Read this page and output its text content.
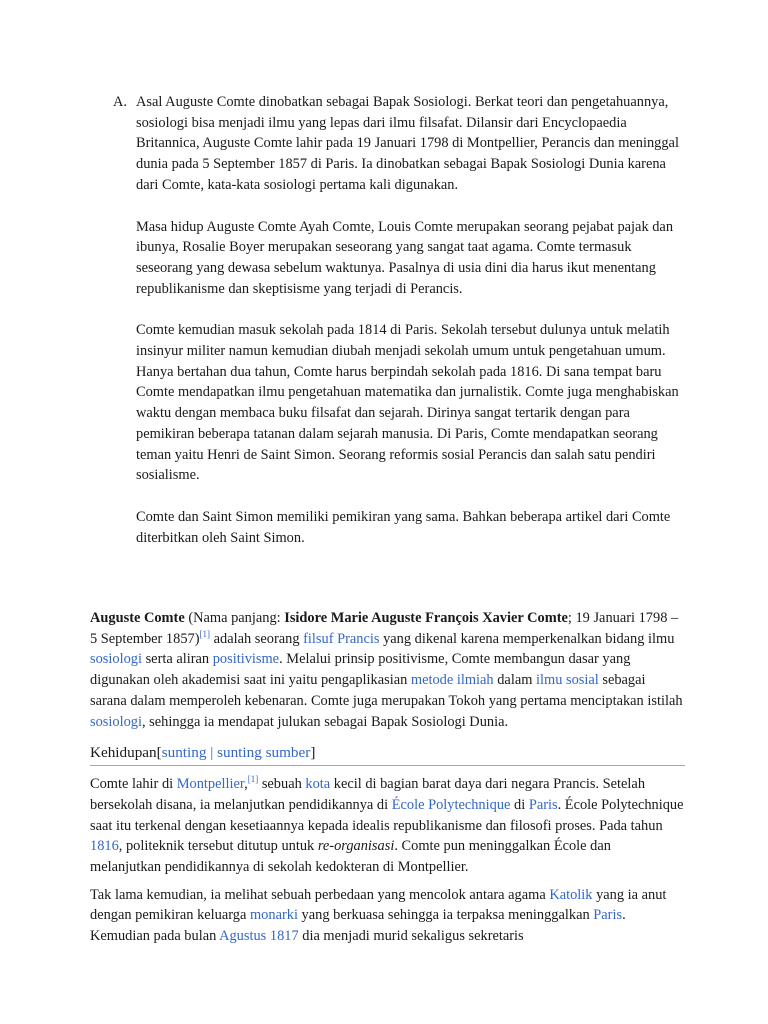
A. Asal Auguste Comte dinobatkan sebagai Bapak Sosiologi. Berkat teori dan pengetahuannya, sosiologi bisa menjadi ilmu yang lepas dari ilmu filsafat. Dilansir dari Encyclopaedia Britannica, Auguste Comte lahir pada 19 Januari 1798 di Montpellier, Perancis dan meninggal dunia pada 5 September 1857 di Paris. Ia dinobatkan sebagai Bapak Sosiologi Dunia karena dari Comte, kata-kata sosiologi pertama kali digunakan.

Masa hidup Auguste Comte Ayah Comte, Louis Comte merupakan seorang pejabat pajak dan ibunya, Rosalie Boyer merupakan seseorang yang sangat taat agama. Comte termasuk seseorang yang dewasa sebelum waktunya. Pasalnya di usia dini dia harus ikut menentang republikanisme dan skeptisisme yang terjadi di Perancis.

Comte kemudian masuk sekolah pada 1814 di Paris. Sekolah tersebut dulunya untuk melatih insinyur militer namun kemudian diubah menjadi sekolah umum untuk pengetahuan umum. Hanya bertahan dua tahun, Comte harus berpindah sekolah pada 1816. Di sana tempat baru Comte mendapatkan ilmu pengetahuan matematika dan jurnalistik. Comte juga menghabiskan waktu dengan membaca buku filsafat dan sejarah. Dirinya sangat tertarik dengan para pemikiran beberapa tatanan dalam sejarah manusia. Di Paris, Comte mendapatkan seorang teman yaitu Henri de Saint Simon. Seorang reformis sosial Perancis dan salah satu pendiri sosialisme.

Comte dan Saint Simon memiliki pemikiran yang sama. Bahkan beberapa artikel dari Comte diterbitkan oleh Saint Simon.

Auguste Comte (Nama panjang: Isidore Marie Auguste François Xavier Comte; 19 Januari 1798 – 5 September 1857)[1] adalah seorang filsuf Prancis yang dikenal karena memperkenalkan bidang ilmu sosiologi serta aliran positivisme. Melalui prinsip positivisme, Comte membangun dasar yang digunakan oleh akademisi saat ini yaitu pengaplikasian metode ilmiah dalam ilmu sosial sebagai sarana dalam memperoleh kebenaran. Comte juga merupakan Tokoh yang pertama menciptakan istilah sosiologi, sehingga ia mendapat julukan sebagai Bapak Sosiologi Dunia.

Kehidupan[sunting | sunting sumber]

Comte lahir di Montpellier,[1] sebuah kota kecil di bagian barat daya dari negara Prancis. Setelah bersekolah disana, ia melanjutkan pendidikannya di École Polytechnique di Paris. École Polytechnique saat itu terkenal dengan kesetiaannya kepada idealis republikanisme dan filosofi proses. Pada tahun 1816, politeknik tersebut ditutup untuk re-organisasi. Comte pun meninggalkan École dan melanjutkan pendidikannya di sekolah kedokteran di Montpellier.

Tak lama kemudian, ia melihat sebuah perbedaan yang mencolok antara agama Katolik yang ia anut dengan pemikiran keluarga monarki yang berkuasa sehingga ia terpaksa meninggalkan Paris. Kemudian pada bulan Agustus 1817 dia menjadi murid sekaligus sekretaris
